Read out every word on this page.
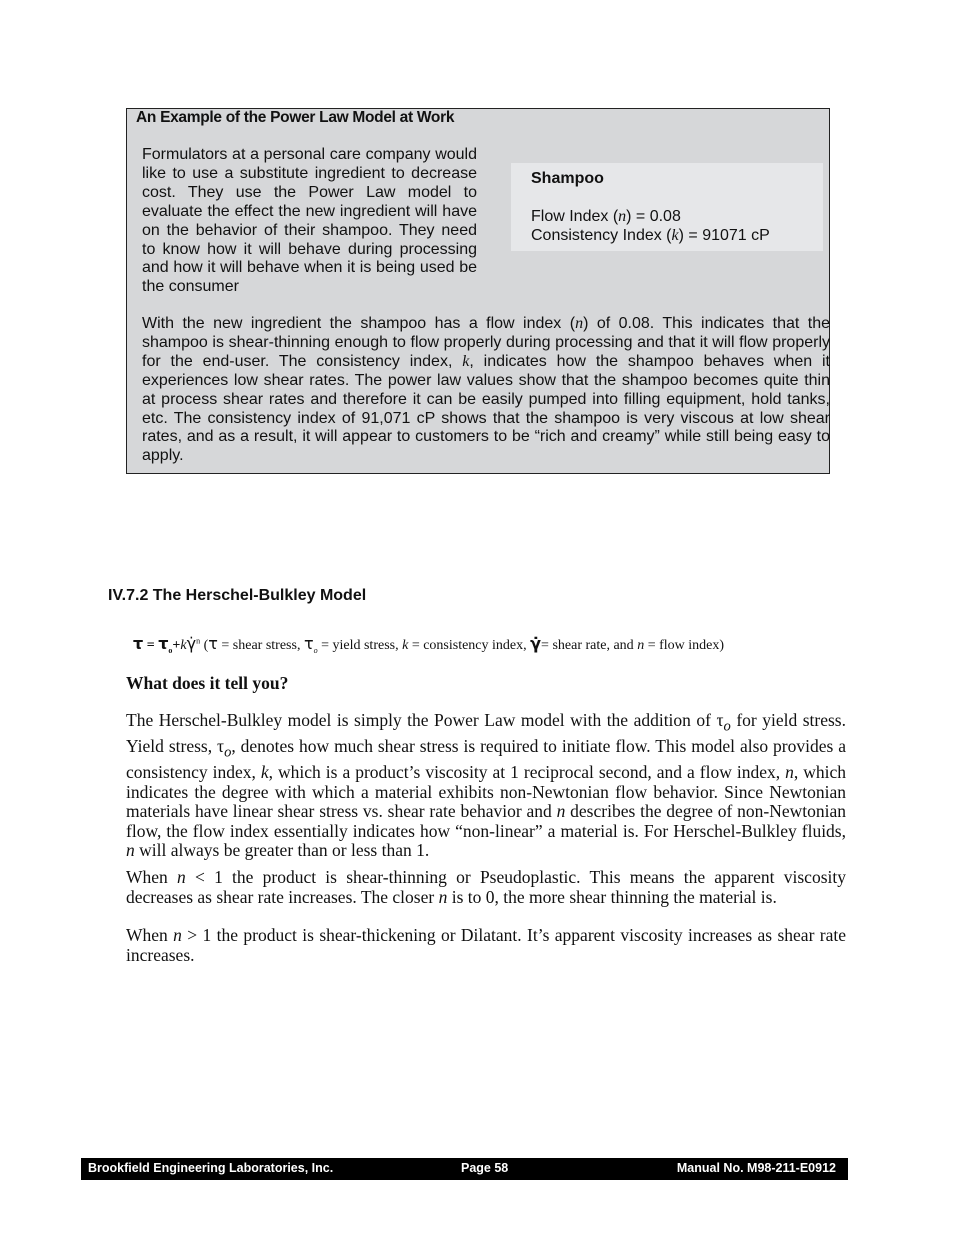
An Example of the Power Law Model at Work
Formulators at a personal care company would like to use a substitute ingredient to decrease cost. They use the Power Law model to evaluate the effect the new ingredient will have on the behavior of their shampoo. They need to know how it will behave during processing and how it will behave when it is being used be the consumer
Shampoo
Flow Index (n) = 0.08
Consistency Index (k) = 91071 cP
With the new ingredient the shampoo has a flow index (n) of 0.08. This indicates that the shampoo is shear-thinning enough to flow properly during processing and that it will flow properly for the end-user. The consistency index, k, indicates how the shampoo behaves when it experiences low shear rates. The power law values show that the shampoo becomes quite thin at process shear rates and therefore it can be easily pumped into filling equipment, hold tanks, etc. The consistency index of 91,071 cP shows that the shampoo is very viscous at low shear rates, and as a result, it will appear to customers to be “rich and creamy” while still being easy to apply.
IV.7.2 The Herschel-Bulkley Model
$\tau = \tau_o+k\gammȧ^n$ (τ = shear stress, $\tau_o$ = yield stress, k = consistency index, γ̇= shear rate, and n = flow index)
What does it tell you?
The Herschel-Bulkley model is simply the Power Law model with the addition of $\tau_o$ for yield stress. Yield stress, $\tau_o$, denotes how much shear stress is required to initiate flow. This model also provides a consistency index, k, which is a product’s viscosity at 1 reciprocal second, and a flow index, n, which indicates the degree with which a material exhibits non-Newtonian flow behavior. Since Newtonian materials have linear shear stress vs. shear rate behavior and n describes the degree of non-Newtonian flow, the flow index essentially indicates how “non-linear” a material is. For Herschel-Bulkley fluids, n will always be greater than or less than 1.
When n < 1 the product is shear-thinning or Pseudoplastic. This means the apparent viscosity decreases as shear rate increases. The closer n is to 0, the more shear thinning the material is.
When n > 1 the product is shear-thickening or Dilatant. It’s apparent viscosity increases as shear rate increases.
Brookfield Engineering Laboratories, Inc.	Page 58	Manual No. M98-211-E0912
